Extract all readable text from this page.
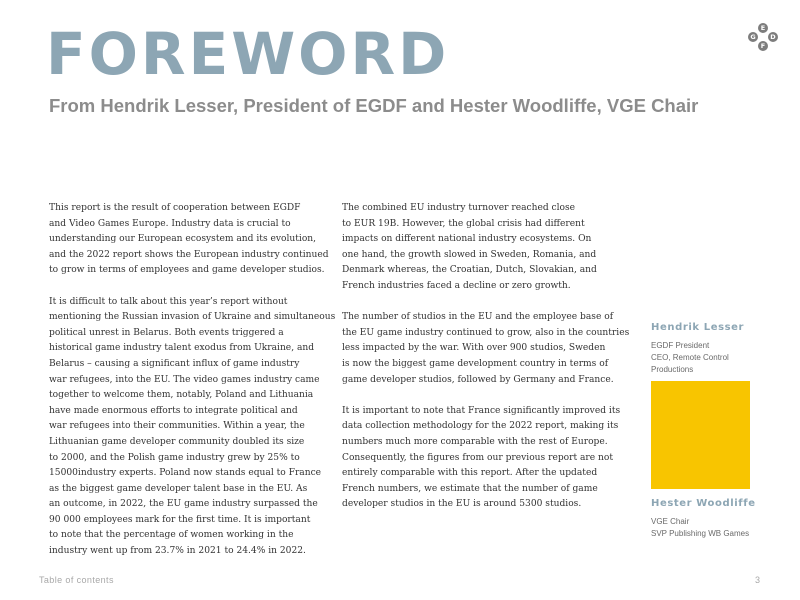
FOREWORD
From Hendrik Lesser, President of EGDF and Hester Woodliffe, VGE Chair
E
G	D
F

This report is the result of cooperation between EGDF
and Video Games Europe. Industry data is crucial to
understanding our European ecosystem and its evolution,
and the 2022 report shows the European industry continued
to grow in terms of employees and game developer studios.

It is difficult to talk about this year’s report without
mentioning the Russian invasion of Ukraine and simultaneous
political unrest in Belarus. Both events triggered a
historical game industry talent exodus from Ukraine, and
Belarus – causing a significant influx of game industry
war refugees, into the EU. The video games industry came
together to welcome them, notably, Poland and Lithuania
have made enormous efforts to integrate political and
war refugees into their communities. Within a year, the
Lithuanian game developer community doubled its size
to 2000, and the Polish game industry grew by 25% to
15000industry experts. Poland now stands equal to France
as the biggest game developer talent base in the EU. As
an outcome, in 2022, the EU game industry surpassed the
90 000 employees mark for the first time. It is important
to note that the percentage of women working in the
industry went up from 23.7% in 2021 to 24.4% in 2022.

The combined EU industry turnover reached close
to EUR 19B. However, the global crisis had different
impacts on different national industry ecosystems. On
one hand, the growth slowed in Sweden, Romania, and
Denmark whereas, the Croatian, Dutch, Slovakian, and
French industries faced a decline or zero growth.

The number of studios in the EU and the employee base of
the EU game industry continued to grow, also in the countries
less impacted by the war. With over 900 studios, Sweden
is now the biggest game development country in terms of
game developer studios, followed by Germany and France.

It is important to note that France significantly improved its
data collection methodology for the 2022 report, making its
numbers much more comparable with the rest of Europe.
Consequently, the figures from our previous report are not
entirely comparable with this report. After the updated
French numbers, we estimate that the number of game
developer studios in the EU is around 5300 studios.

Hendrik Lesser
EGDF President
CEO, Remote Control
Productions
Hester Woodliffe
VGE Chair
SVP Publishing WB Games
Table of contents	3
